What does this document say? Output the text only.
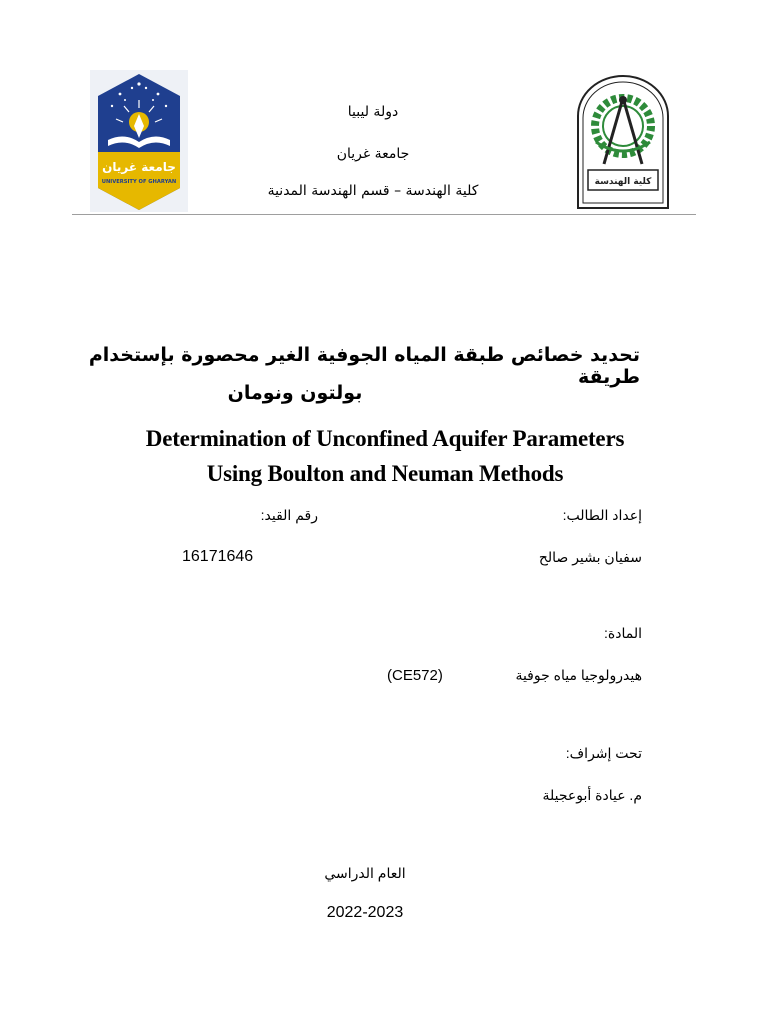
جامعة غريان
UNIVERSITY OF GHARYAN	كلية الهندسة
دولة ليبيا
جامعة غريان
كلية الهندسة – قسم الهندسة المدنية
تحديد خصائص طبقة المياه الجوفية الغير محصورة بإستخدام طريقة
بولتون ونومان
Determination of Unconfined Aquifer Parameters
Using Boulton and Neuman Methods
إعداد الطالب:
رقم القيد:
سفيان بشير صالح
16171646
المادة:
هيدرولوجيا مياه جوفية
(CE572)
تحت إشراف:
م. عيادة أبوعجيلة
العام الدراسي
2022-2023
